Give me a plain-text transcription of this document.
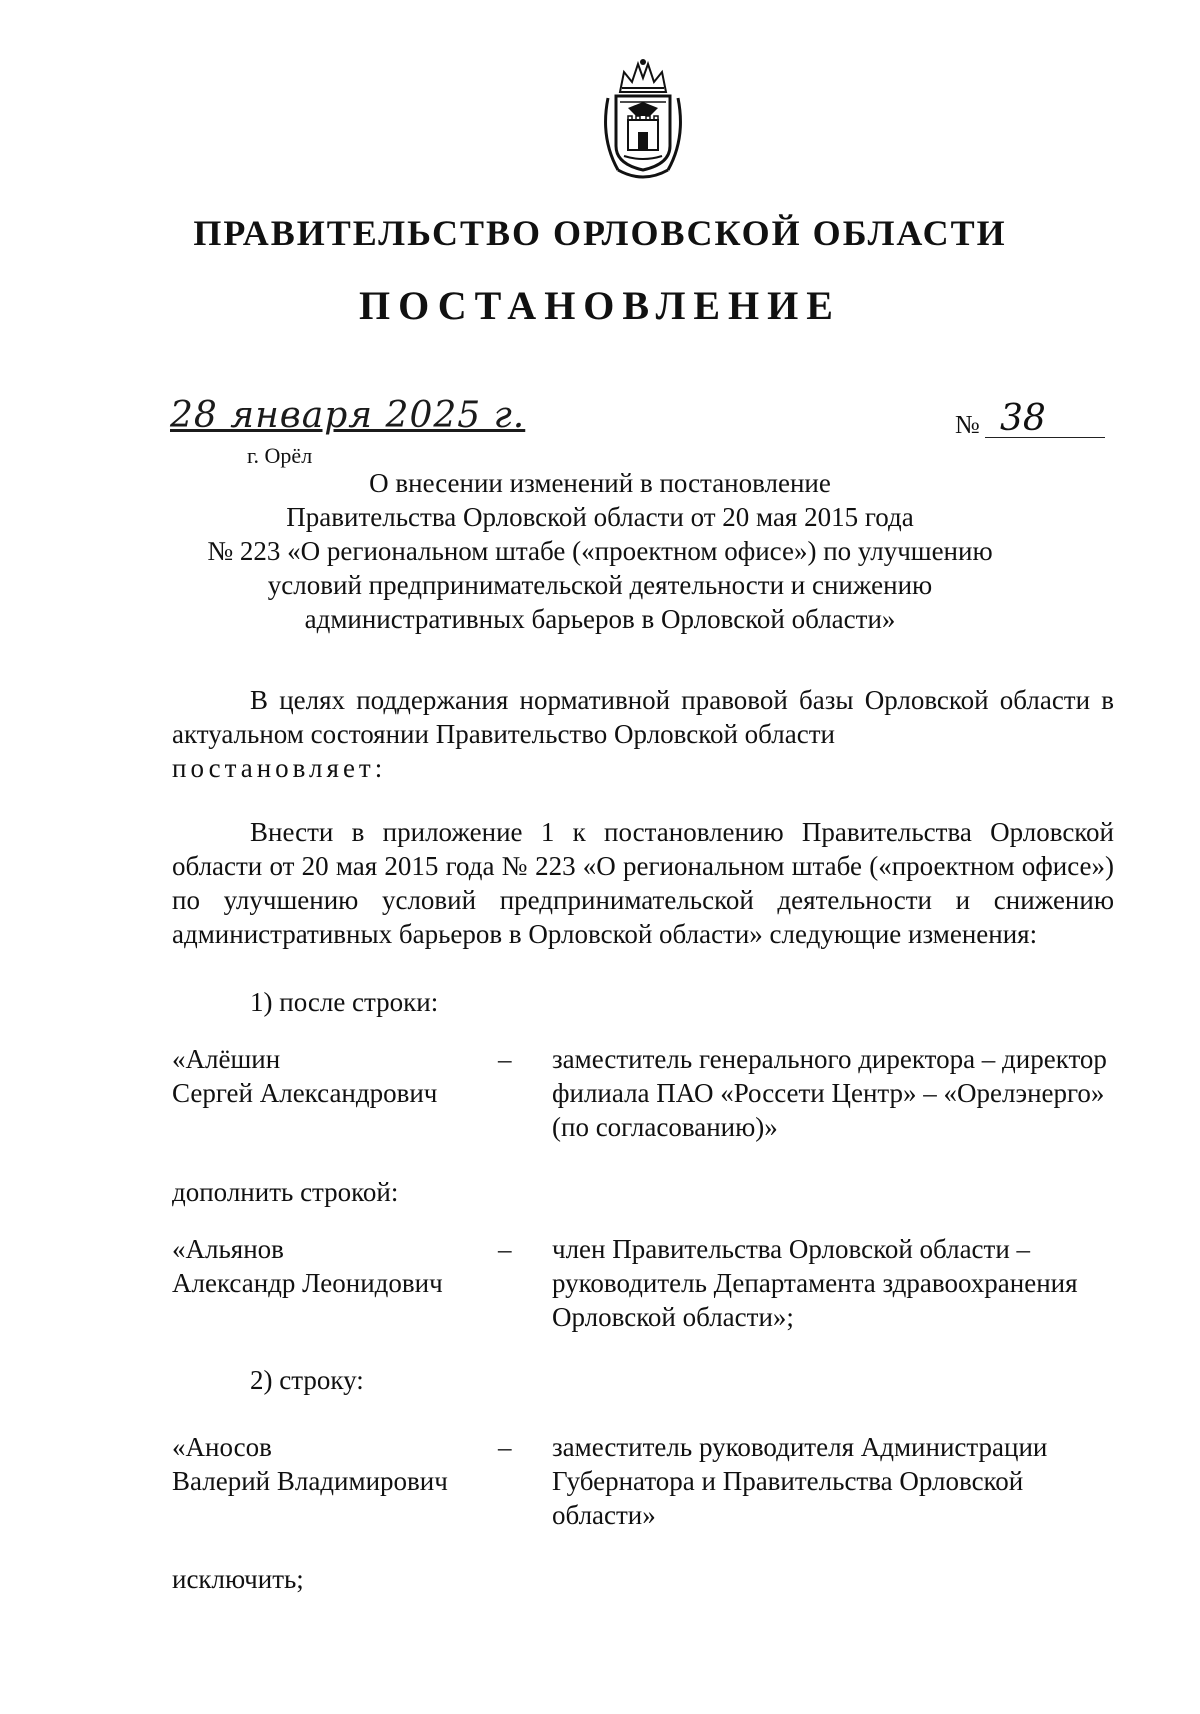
ПРАВИТЕЛЬСТВО ОРЛОВСКОЙ ОБЛАСТИ
ПОСТАНОВЛЕНИЕ
28 января 2025 г.
г. Орёл
№ 38
О внесении изменений в постановление
Правительства Орловской области от 20 мая 2015 года
№ 223 «О региональном штабе («проектном офисе») по улучшению
условий предпринимательской деятельности и снижению
административных барьеров в Орловской области»
В целях поддержания нормативной правовой базы Орловской области в актуальном состоянии Правительство Орловской области
постановляет:
Внести в приложение 1 к постановлению Правительства Орловской области от 20 мая 2015 года № 223 «О региональном штабе («проектном офисе») по улучшению условий предпринимательской деятельности и снижению административных барьеров в Орловской области» следующие изменения:
1) после строки:
«Алёшин
Сергей Александрович
– заместитель генерального директора – директор филиала ПАО «Россети Центр» – «Орелэнерго» (по согласованию)»
дополнить строкой:
«Альянов
Александр Леонидович
– член Правительства Орловской области – руководитель Департамента здравоохранения Орловской области»;
2) строку:
«Аносов
Валерий Владимирович
– заместитель руководителя Администрации Губернатора и Правительства Орловской области»
исключить;
